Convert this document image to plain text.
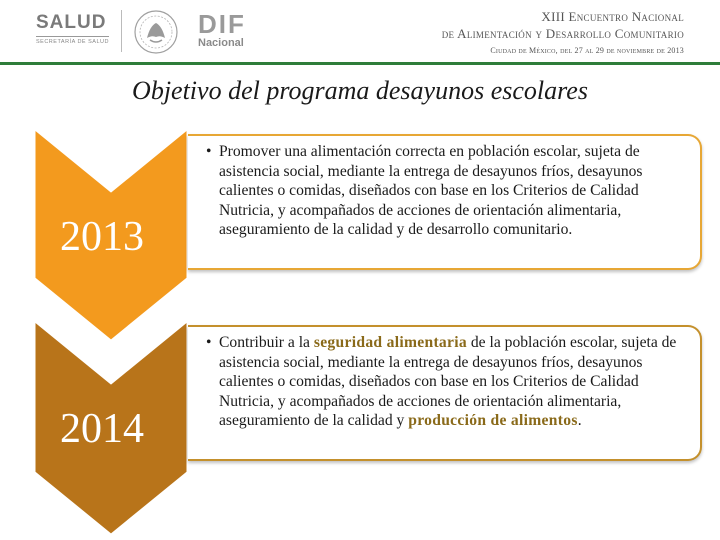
SALUD
SECRETARÍA DE SALUD
DIF
Nacional
XIII Encuentro Nacional
de Alimentación y Desarrollo Comunitario
Ciudad de México, del 27 al 29 de noviembre de 2013
Objetivo del programa desayunos escolares
2013
2014
• Promover una alimentación correcta en población escolar, sujeta de asistencia social, mediante la entrega de desayunos fríos, desayunos calientes o comidas, diseñados con base en los Criterios de Calidad Nutricia, y acompañados de acciones de orientación alimentaria, aseguramiento de la calidad y de desarrollo comunitario.
• Contribuir a la seguridad alimentaria de la población escolar, sujeta de asistencia social, mediante la entrega de desayunos fríos, desayunos calientes o comidas, diseñados con base en los Criterios de Calidad Nutricia, y acompañados de acciones de orientación alimentaria, aseguramiento de la calidad y producción de alimentos.
